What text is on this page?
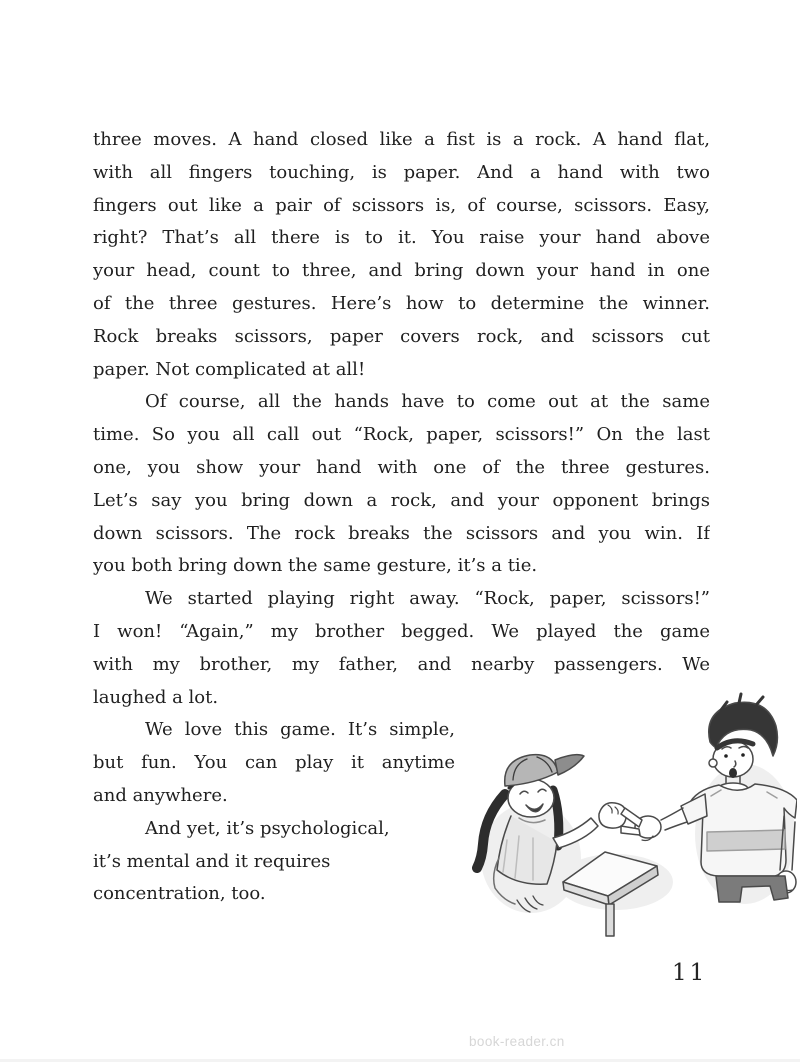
three moves. A hand closed like a fist is a rock. A hand flat,
with all fingers touching, is paper. And a hand with two
fingers out like a pair of scissors is, of course, scissors. Easy,
right? That’s all there is to it. You raise your hand above
your head, count to three, and bring down your hand in one
of the three gestures. Here’s how to determine the winner.
Rock breaks scissors, paper covers rock, and scissors cut
paper. Not complicated at all!
Of course, all the hands have to come out at the same
time. So you all call out “Rock, paper, scissors!” On the last
one, you show your hand with one of the three gestures.
Let’s say you bring down a rock, and your opponent brings
down scissors. The rock breaks the scissors and you win. If
you both bring down the same gesture, it’s a tie.
We started playing right away. “Rock, paper, scissors!”
I won! “Again,” my brother begged. We played the game
with my brother, my father, and nearby passengers. We
laughed a lot.
We love this game. It’s simple,
but fun. You can play it anytime
and anywhere.
And yet, it’s psychological,
it’s mental and it requires
concentration, too.
11
book-reader.cn
